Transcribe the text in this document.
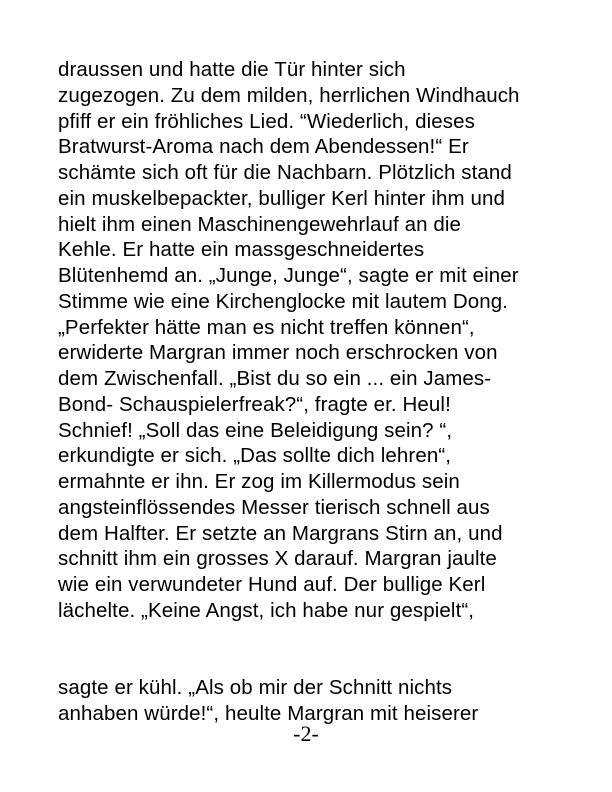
draussen und hatte die Tür hinter sich
zugezogen. Zu dem milden, herrlichen Windhauch
pfiff er ein fröhliches Lied. “Wiederlich, dieses
Bratwurst-Aroma nach dem Abendessen!“ Er
schämte sich oft für die Nachbarn. Plötzlich stand
ein muskelbepackter, bulliger Kerl hinter ihm und
hielt ihm einen Maschinengewehrlauf an die
Kehle. Er hatte ein massgeschneidertes
Blütenhemd an. „Junge, Junge“, sagte er mit einer
Stimme wie eine Kirchenglocke mit lautem Dong.
„Perfekter hätte man es nicht treffen können“,
erwiderte Margran immer noch erschrocken von
dem Zwischenfall. „Bist du so ein ... ein James-
Bond- Schauspielerfreak?“, fragte er. Heul!
Schnief! „Soll das eine Beleidigung sein? “,
erkundigte er sich. „Das sollte dich lehren“,
ermahnte er ihn. Er zog im Killermodus sein
angsteinflössendes Messer tierisch schnell aus
dem Halfter. Er setzte an Margrans Stirn an, und
schnitt ihm ein grosses X darauf. Margran jaulte
wie ein verwundeter Hund auf. Der bullige Kerl
lächelte. „Keine Angst, ich habe nur gespielt“,
sagte er kühl. „Als ob mir der Schnitt nichts
anhaben würde!“, heulte Margran mit heiserer
-2-
